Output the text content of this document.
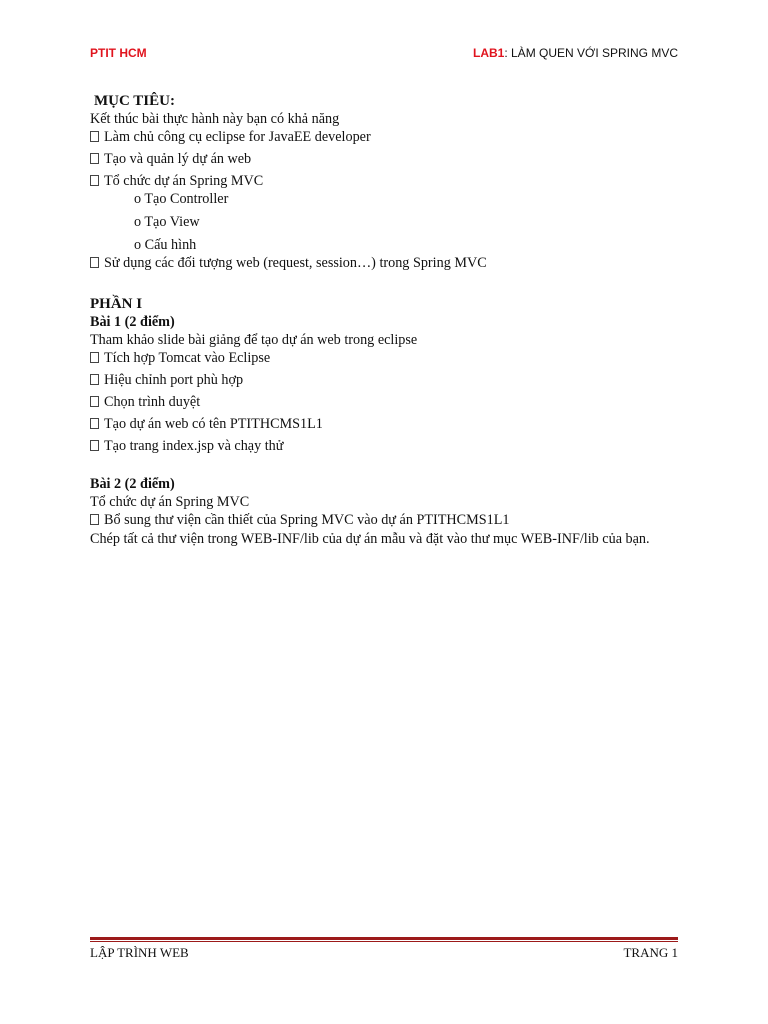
PTIT HCM	LAB1: LÀM QUEN VỚI SPRING MVC
MỤC TIÊU:
Kết thúc bài thực hành này bạn có khả năng
Làm chủ công cụ eclipse for JavaEE developer
Tạo và quản lý dự án web
Tổ chức dự án Spring MVC
o Tạo Controller
o Tạo View
o Cấu hình
Sử dụng các đối tượng web (request, session…) trong Spring MVC
PHẦN I
Bài 1 (2 điểm)
Tham khảo slide bài giảng để tạo dự án web trong eclipse
Tích hợp Tomcat vào Eclipse
Hiệu chỉnh port phù hợp
Chọn trình duyệt
Tạo dự án web có tên PTITHCMS1L1
Tạo trang index.jsp và chạy thử
Bài 2 (2 điểm)
Tổ chức dự án Spring MVC
Bổ sung thư viện cần thiết của Spring MVC vào dự án PTITHCMS1L1
Chép tất cả thư viện trong WEB-INF/lib của dự án mẫu và đặt vào thư mục WEB-INF/lib của bạn.
LẬP TRÌNH WEB	TRANG 1
